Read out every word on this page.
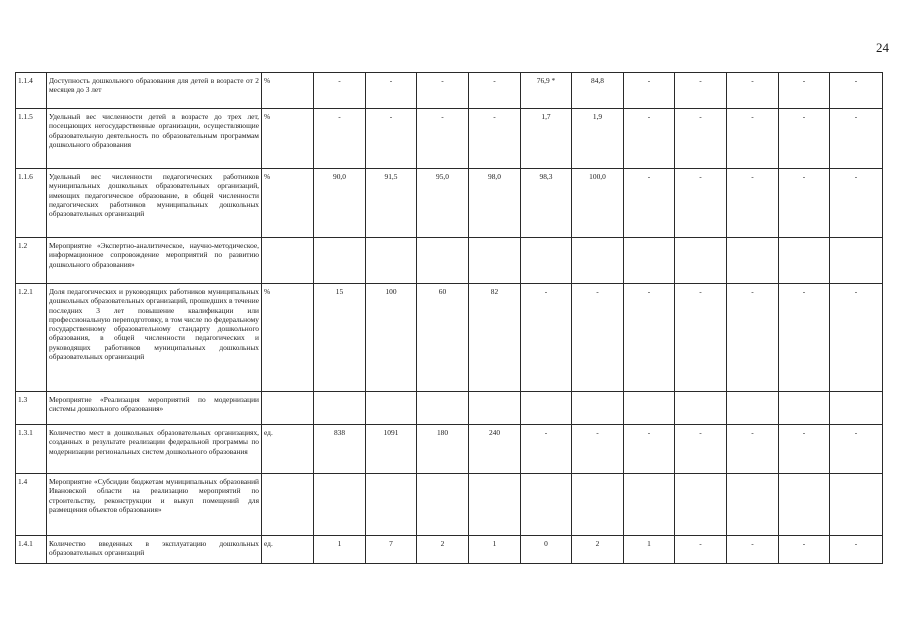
24
1.1.4	Доступность дошкольного образования для детей в возрасте от 2 месяцев до 3 лет	%	-	-	-	-	76,9 *	84,8	-	-	-	-	-
1.1.5	Удельный вес численности детей в возрасте до трех лет, посещающих негосударственные организации, осуществляющие образовательную деятельность по образовательным программам дошкольного образования	%	-	-	-	-	1,7	1,9	-	-	-	-	-
1.1.6	Удельный вес численности педагогических работников муниципальных дошкольных образовательных организаций, имеющих педагогическое образование, в общей численности педагогических работников муниципальных дошкольных образовательных организаций	%	90,0	91,5	95,0	98,0	98,3	100,0	-	-	-	-	-
1.2	Мероприятие «Экспертно-аналитическое, научно-методическое, информационное сопровождение мероприятий по развитию дошкольного образования»												
1.2.1	Доля педагогических и руководящих работников муниципальных дошкольных образовательных организаций, прошедших в течение последних 3 лет повышение квалификации или профессиональную переподготовку, в том числе по федеральному государственному образовательному стандарту дошкольного образования, в общей численности педагогических и руководящих работников муниципальных дошкольных образовательных организаций	%	15	100	60	82	-	-	-	-	-	-	-
1.3	Мероприятие «Реализация мероприятий по модернизации системы дошкольного образования»												
1.3.1	Количество мест в дошкольных образовательных организациях, созданных в результате реализации федеральной программы по модернизации региональных систем дошкольного образования	ед.	838	1091	180	240	-	-	-	-	-	-	-
1.4	Мероприятие «Субсидии бюджетам муниципальных образований Ивановской области на реализацию мероприятий по строительству, реконструкции и выкуп помещений для размещения объектов образования»												
1.4.1	Количество введенных в эксплуатацию дошкольных образовательных организаций	ед.	1	7	2	1	0	2	1	-	-	-	-
